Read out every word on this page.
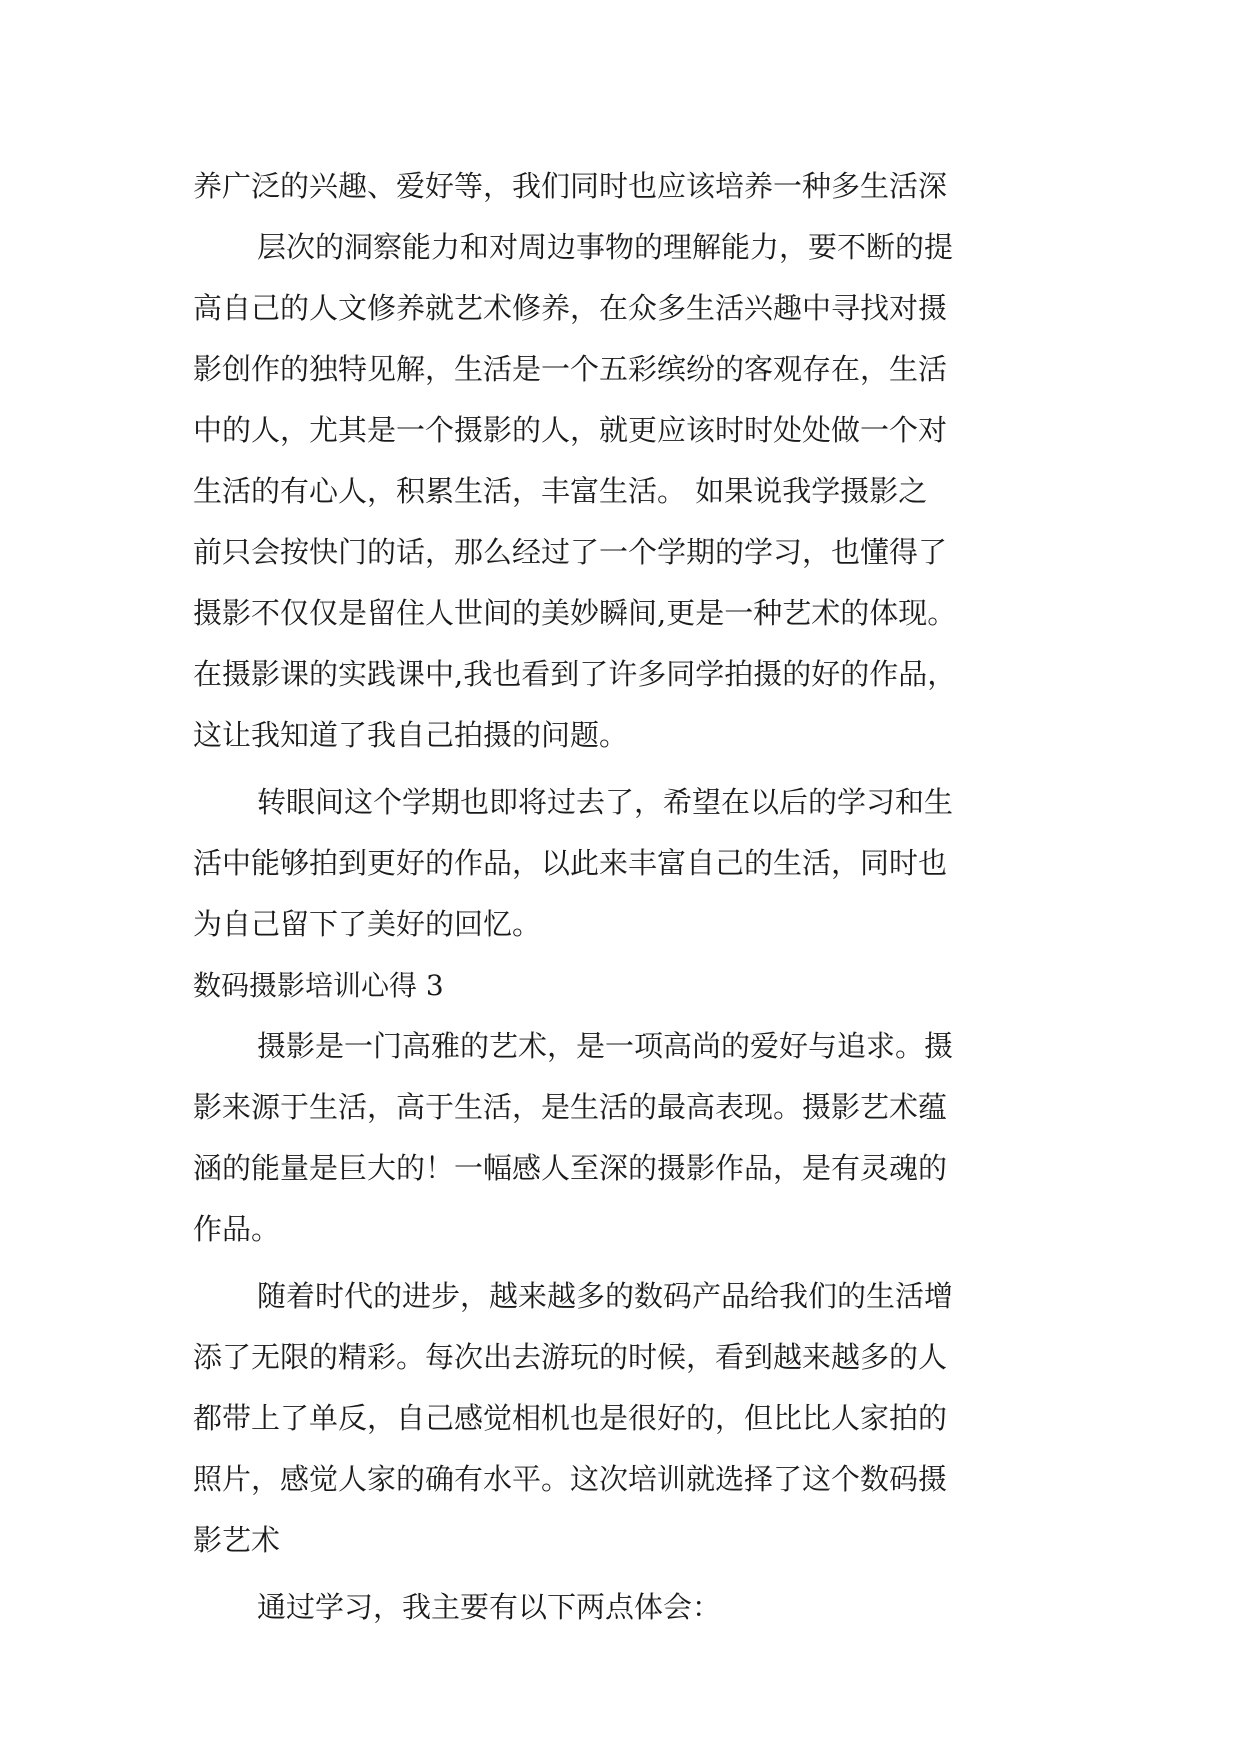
养广泛的兴趣、爱好等，我们同时也应该培养一种多生活深
层次的洞察能力和对周边事物的理解能力，要不断的提
高自己的人文修养就艺术修养，在众多生活兴趣中寻找对摄
影创作的独特见解，生活是一个五彩缤纷的客观存在，生活
中的人，尤其是一个摄影的人，就更应该时时处处做一个对
生活的有心人，积累生活，丰富生活。 如果说我学摄影之
前只会按快门的话，那么经过了一个学期的学习，也懂得了
摄影不仅仅是留住人世间的美妙瞬间,更是一种艺术的体现。
在摄影课的实践课中,我也看到了许多同学拍摄的好的作品，
这让我知道了我自己拍摄的问题。
转眼间这个学期也即将过去了，希望在以后的学习和生
活中能够拍到更好的作品，以此来丰富自己的生活，同时也
为自己留下了美好的回忆。
数码摄影培训心得 3
摄影是一门高雅的艺术，是一项高尚的爱好与追求。摄
影来源于生活，高于生活，是生活的最高表现。摄影艺术蕴
涵的能量是巨大的！一幅感人至深的摄影作品，是有灵魂的
作品。
随着时代的进步，越来越多的数码产品给我们的生活增
添了无限的精彩。每次出去游玩的时候，看到越来越多的人
都带上了单反，自己感觉相机也是很好的，但比比人家拍的
照片，感觉人家的确有水平。这次培训就选择了这个数码摄
影艺术
通过学习，我主要有以下两点体会：
